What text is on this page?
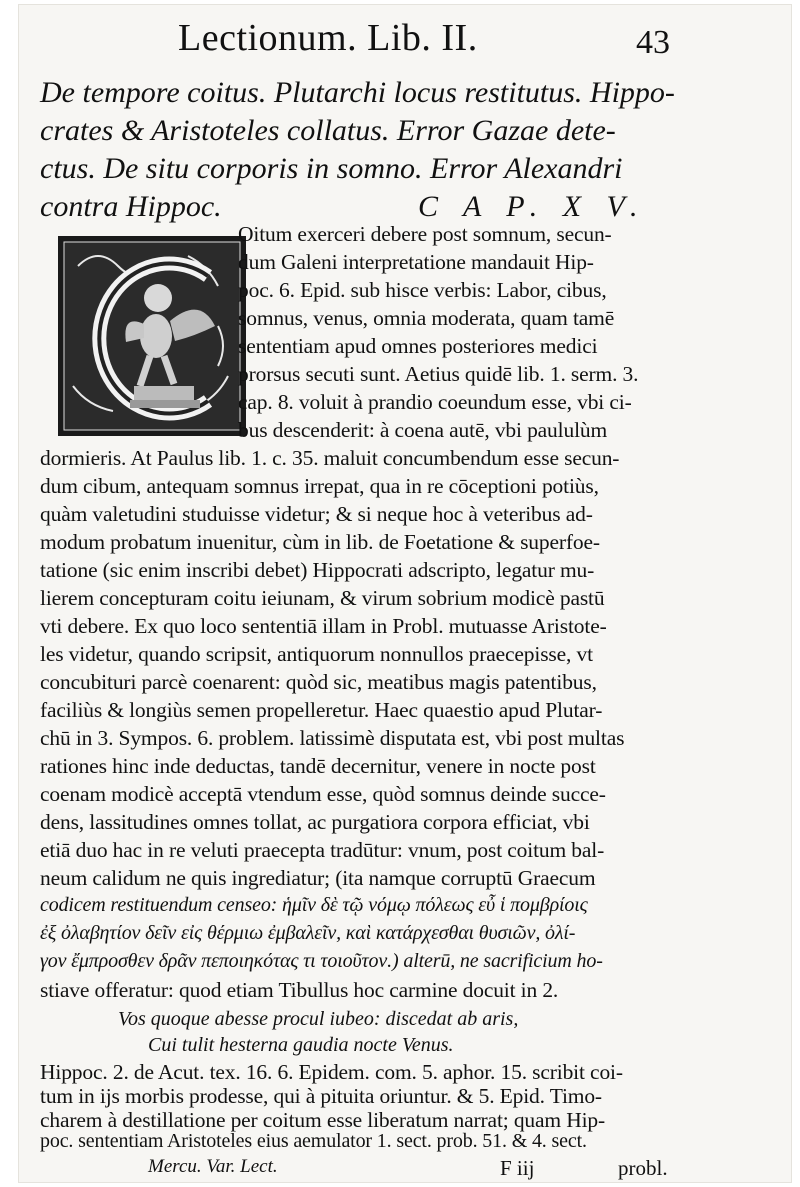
Lectionum. Lib. II.	43
De tempore coitus. Plutarchi locus restitutus. Hippo-
crates & Aristoteles collatus. Error Gazae dete-
ctus. De situ corporis in somno. Error Alexandri
contra Hippoc.	C A P. X V.
Oitum exerceri debere post somnum, secun-
dum Galeni interpretatione mandauit Hip-
poc. 6. Epid. sub hisce verbis: Labor, cibus,
somnus, venus, omnia moderata, quam tamē
sententiam apud omnes posteriores medici
prorsus secuti sunt. Aetius quidē lib. 1. serm. 3.
cap. 8. voluit à prandio coeundum esse, vbi ci-
bus descenderit: à coena autē, vbi paululùm
dormieris. At Paulus lib. 1. c. 35. maluit concumbendum esse secun-
dum cibum, antequam somnus irrepat, qua in re cōceptioni potiùs,
quàm valetudini studuisse videtur; & si neque hoc à veteribus ad-
modum probatum inuenitur, cùm in lib. de Foetatione & superfoe-
tatione (sic enim inscribi debet) Hippocrati adscripto, legatur mu-
lierem concepturam coitu ieiunam, & virum sobrium modicè pastū
vti debere. Ex quo loco sententiā illam in Probl. mutuasse Aristote-
les videtur, quando scripsit, antiquorum nonnullos praecepisse, vt
concubituri parcè coenarent: quòd sic, meatibus magis patentibus,
faciliùs & longiùs semen propelleretur. Haec quaestio apud Plutar-
chū in 3. Sympos. 6. problem. latissimè disputata est, vbi post multas
rationes hinc inde deductas, tandē decernitur, venere in nocte post
coenam modicè acceptā vtendum esse, quòd somnus deinde succe-
dens, lassitudines omnes tollat, ac purgatiora corpora efficiat, vbi
etiā duo hac in re veluti praecepta tradūtur: vnum, post coitum bal-
neum calidum ne quis ingrediatur; (ita namque corruptū Graecum
codicem restituendum censeo: ἡμῖν δὲ τῷ νόμῳ πόλεως εὖ ἱ πομβρίοις
ἐξ ὀλαβητίον δεῖν εἰς θέρμιω ἐμβαλεῖν, καὶ κατάρχεσθαι θυσιῶν, ὀλί-
γον ἔμπροσθεν δρᾶν πεποιηκότας τι τοιοῦτον.) alterū, ne sacrificium ho-
stiave offeratur: quod etiam Tibullus hoc carmine docuit in 2.
Vos quoque abesse procul iubeo: discedat ab aris,
Cui tulit hesterna gaudia nocte Venus.
Hippoc. 2. de Acut. tex. 16. 6. Epidem. com. 5. aphor. 15. scribit coi-
tum in ijs morbis prodesse, qui à pituita oriuntur. & 5. Epid. Timo-
charem à destillatione per coitum esse liberatum narrat; quam Hip-
poc. sententiam Aristoteles eius aemulator 1. sect. prob. 51. & 4. sect.
Mercu. Var. Lect.	F iij	probl.
